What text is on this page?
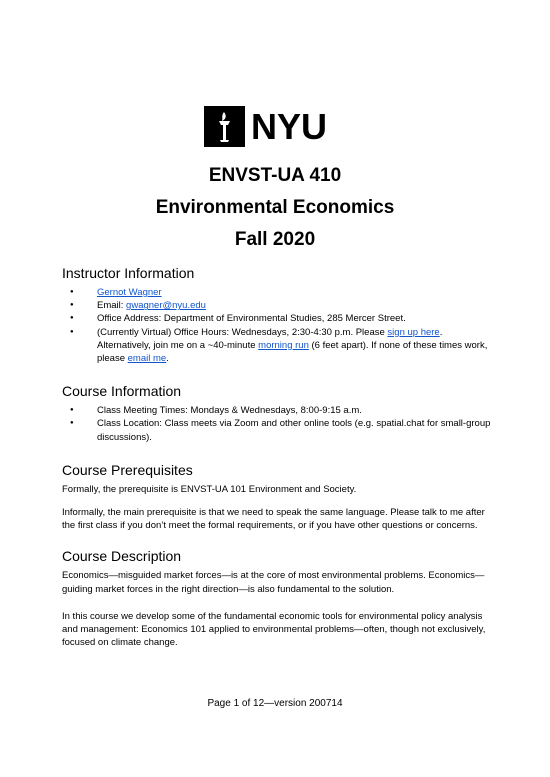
NYU
ENVST-UA 410
Environmental Economics
Fall 2020
Instructor Information
● Gernot Wagner
● Email: gwagner@nyu.edu
● Office Address: Department of Environmental Studies, 285 Mercer Street.
● (Currently Virtual) Office Hours: Wednesdays, 2:30-4:30 p.m. Please sign up here. Alternatively, join me on a ~40-minute morning run (6 feet apart). If none of these times work, please email me.
Course Information
● Class Meeting Times: Mondays & Wednesdays, 8:00-9:15 a.m.
● Class Location: Class meets via Zoom and other online tools (e.g. spatial.chat for small-group discussions).
Course Prerequisites

Formally, the prerequisite is ENVST-UA 101 Environment and Society.

Informally, the main prerequisite is that we need to speak the same language. Please talk to me after the first class if you don’t meet the formal requirements, or if you have other questions or concerns.

Course Description

Economics—misguided market forces—is at the core of most environmental problems. Economics—guiding market forces in the right direction—is also fundamental to the solution.

In this course we develop some of the fundamental economic tools for environmental policy analysis and management: Economics 101 applied to environmental problems—often, though not exclusively, focused on climate change.

Page 1 of 12—version 200714
